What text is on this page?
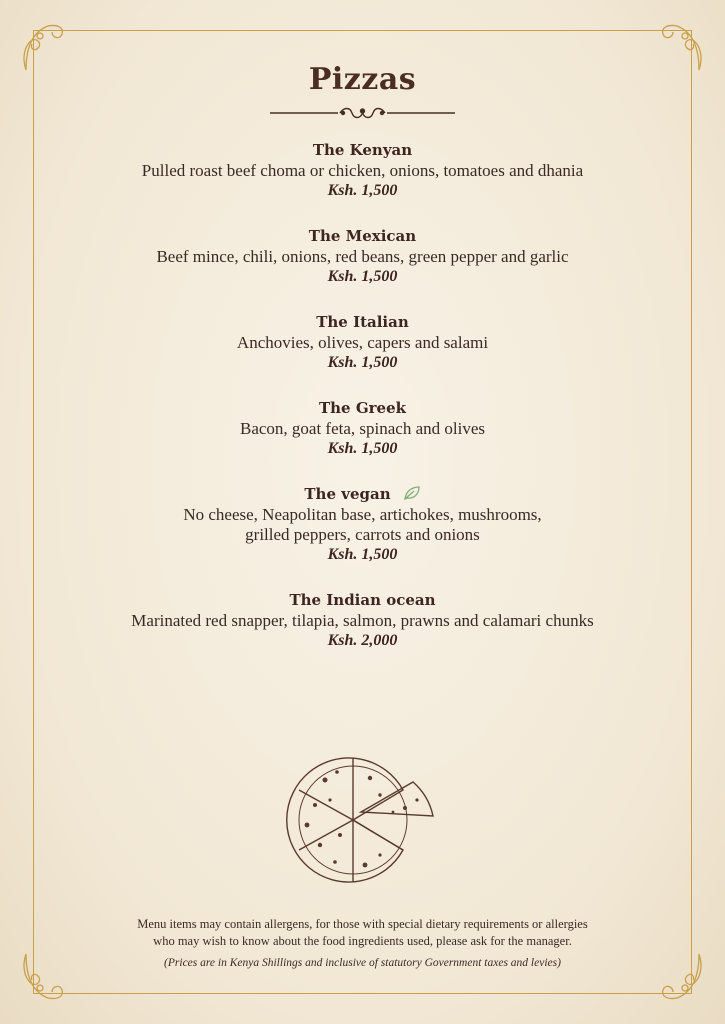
Pizzas
The Kenyan
Pulled roast beef choma or chicken, onions, tomatoes and dhania
Ksh. 1,500
The Mexican
Beef mince, chili, onions, red beans, green pepper and garlic
Ksh. 1,500
The Italian
Anchovies, olives, capers and salami
Ksh. 1,500
The Greek
Bacon, goat feta, spinach and olives
Ksh. 1,500
The vegan
No cheese, Neapolitan base, artichokes, mushrooms,
grilled peppers, carrots and onions
Ksh. 1,500
The Indian ocean
Marinated red snapper, tilapia, salmon, prawns and calamari chunks
Ksh. 2,000
Menu items may contain allergens, for those with special dietary requirements or allergies
who may wish to know about the food ingredients used, please ask for the manager.
(Prices are in Kenya Shillings and inclusive of statutory Government taxes and levies)
